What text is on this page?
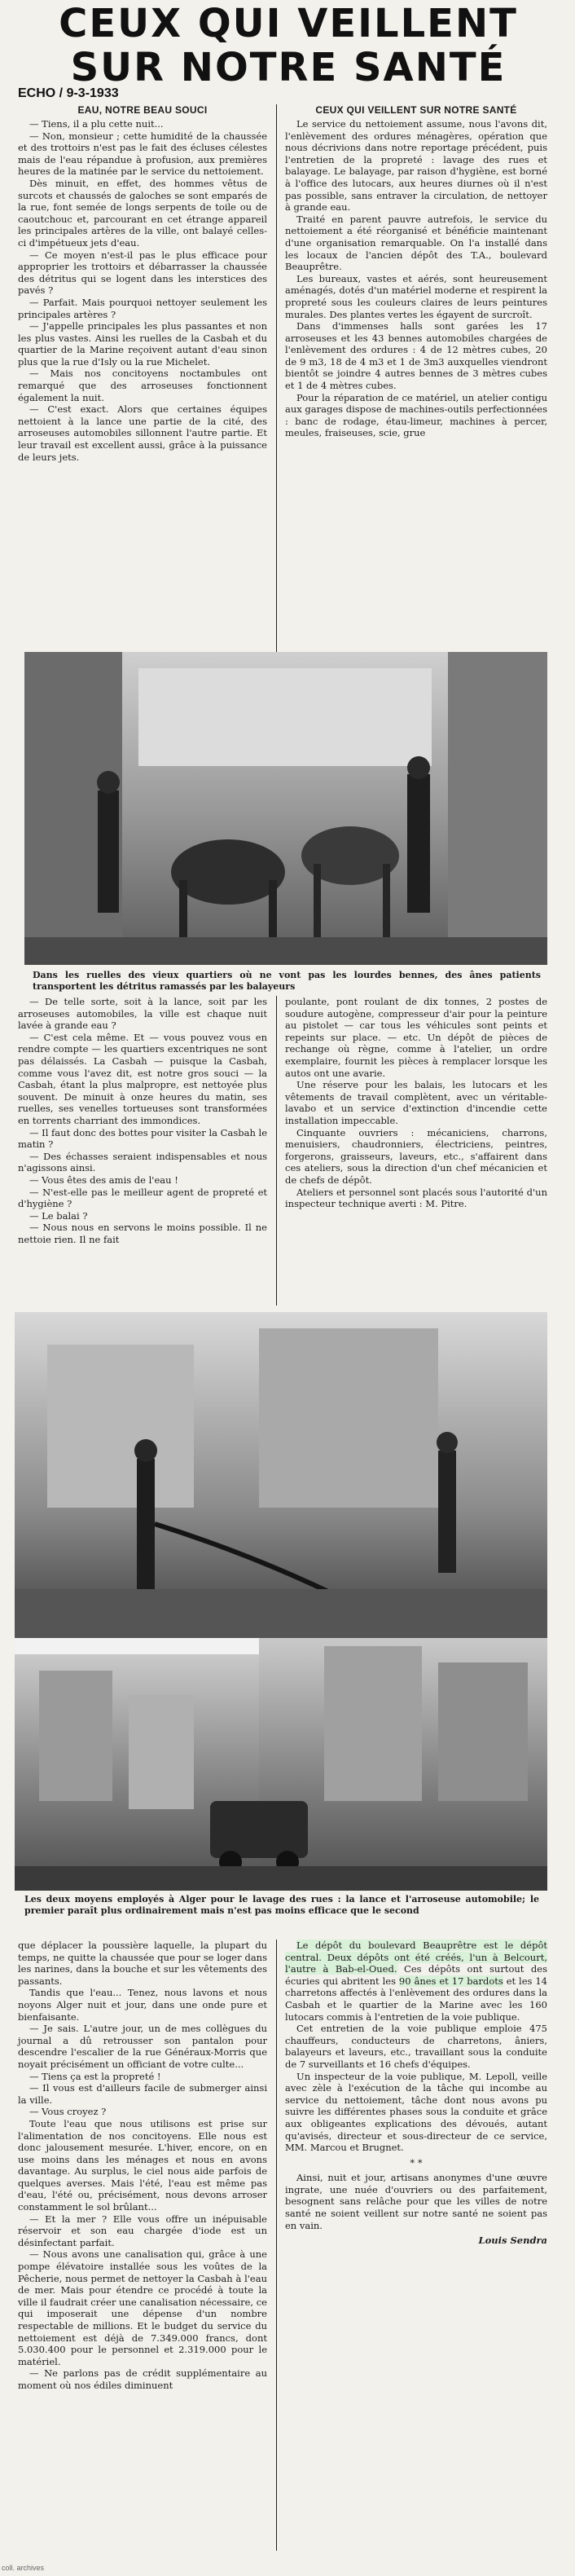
CEUX QUI VEILLENT
SUR NOTRE SANTÉ
ECHO / 9-3-1933
EAU, NOTRE BEAU SOUCI

— Tiens, il a plu cette nuit...

— Non, monsieur ; cette humidité de la chaussée et des trottoirs n'est pas le fait des écluses célestes mais de l'eau répandue à profusion, aux premières heures de la matinée par le service du nettoiement.

Dès minuit, en effet, des hommes vêtus de surcots et chaussés de galoches se sont emparés de la rue, font semée de longs serpents de toile ou de caoutchouc et, parcourant en cet étrange appareil les principales artères de la ville, ont balayé celles-ci d'impétueux jets d'eau.

— Ce moyen n'est-il pas le plus efficace pour approprier les trottoirs et débarrasser la chaussée des détritus qui se logent dans les interstices des pavés ?

— Parfait. Mais pourquoi nettoyer seulement les principales artères ?

— J'appelle principales les plus passantes et non les plus vastes. Ainsi les ruelles de la Casbah et du quartier de la Marine reçoivent autant d'eau sinon plus que la rue d'Isly ou la rue Michelet.

— Mais nos concitoyens noctambules ont remarqué que des arroseuses fonctionnent également la nuit.

— C'est exact. Alors que certaines équipes nettoient à la lance une partie de la cité, des arroseuses automobiles sillonnent l'autre partie. Et leur travail est excellent aussi, grâce à la puissance de leurs jets.

CEUX QUI VEILLENT SUR NOTRE SANTÉ

Le service du nettoiement assume, nous l'avons dit, l'enlèvement des ordures ménagères, opération que nous décrivions dans notre reportage précédent, puis l'entretien de la propreté : lavage des rues et balayage. Le balayage, par raison d'hygiène, est borné à l'office des lutocars, aux heures diurnes où il n'est pas possible, sans entraver la circulation, de nettoyer à grande eau.

Traité en parent pauvre autrefois, le service du nettoiement a été réorganisé et bénéficie maintenant d'une organisation remarquable. On l'a installé dans les locaux de l'ancien dépôt des T.A., boulevard Beauprêtre.

Les bureaux, vastes et aérés, sont heureusement aménagés, dotés d'un matériel moderne et respirent la propreté sous les couleurs claires de leurs peintures murales. Des plantes vertes les égayent de surcroît.

Dans d'immenses halls sont garées les 17 arroseuses et les 43 bennes automobiles chargées de l'enlèvement des ordures : 4 de 12 mètres cubes, 20 de 9 m3, 18 de 4 m3 et 1 de 3m3 auxquelles viendront bientôt se joindre 4 autres bennes de 3 mètres cubes et 1 de 4 mètres cubes.

Pour la réparation de ce matériel, un atelier contigu aux garages dispose de machines-outils perfectionnées : banc de rodage, étau-limeur, machines à percer, meules, fraiseuses, scie, grue

Dans les ruelles des vieux quartiers où ne vont pas les lourdes bennes, des ânes patients transportent les détritus ramassés par les balayeurs

— De telle sorte, soit à la lance, soit par les arroseuses automobiles, la ville est chaque nuit lavée à grande eau ?

— C'est cela même. Et — vous pouvez vous en rendre compte — les quartiers excentriques ne sont pas délaissés. La Casbah — puisque la Casbah, comme vous l'avez dit, est notre gros souci — la Casbah, étant la plus malpropre, est nettoyée plus souvent. De minuit à onze heures du matin, ses ruelles, ses venelles tortueuses sont transformées en torrents charriant des immondices.

— Il faut donc des bottes pour visiter la Casbah le matin ?

— Des échasses seraient indispensables et nous n'agissons ainsi.

— Vous êtes des amis de l'eau !

— N'est-elle pas le meilleur agent de propreté et d'hygiène ?

— Le balai ?

— Nous nous en servons le moins possible. Il ne nettoie rien. Il ne fait

poulante, pont roulant de dix tonnes, 2 postes de soudure autogène, compresseur d'air pour la peinture au pistolet — car tous les véhicules sont peints et repeints sur place. — etc. Un dépôt de pièces de rechange où règne, comme à l'atelier, un ordre exemplaire, fournit les pièces à remplacer lorsque les autos ont une avarie.

Une réserve pour les balais, les lutocars et les vêtements de travail complètent, avec un véritable-lavabo et un service d'extinction d'incendie cette installation impeccable.

Cinquante ouvriers : mécaniciens, charrons, menuisiers, chaudronniers, électriciens, peintres, forgerons, graisseurs, laveurs, etc., s'affairent dans ces ateliers, sous la direction d'un chef mécanicien et de chefs de dépôt.

Ateliers et personnel sont placés sous l'autorité d'un inspecteur technique averti : M. Pitre.

Les deux moyens employés à Alger pour le lavage des rues : la lance et l'arroseuse automobile; le premier paraît plus ordinairement mais n'est pas moins efficace que le second

que déplacer la poussière laquelle, la plupart du temps, ne quitte la chaussée que pour se loger dans les narines, dans la bouche et sur les vêtements des passants.

Tandis que l'eau... Tenez, nous lavons et nous noyons Alger nuit et jour, dans une onde pure et bienfaisante.

— Je sais. L'autre jour, un de mes collègues du journal a dû retrousser son pantalon pour descendre l'escalier de la rue Généraux-Morris que noyait précisément un officiant de votre culte...

— Tiens ça est la propreté !

— Il vous est d'ailleurs facile de submerger ainsi la ville.

— Vous croyez ?

Toute l'eau que nous utilisons est prise sur l'alimentation de nos concitoyens. Elle nous est donc jalousement mesurée. L'hiver, encore, on en use moins dans les ménages et nous en avons davantage. Au surplus, le ciel nous aide parfois de quelques averses. Mais l'été, l'eau est même pas d'eau, l'été ou, précisément, nous devons arroser constamment le sol brûlant...

— Et la mer ? Elle vous offre un inépuisable réservoir et son eau chargée d'iode est un désinfectant parfait.

— Nous avons une canalisation qui, grâce à une pompe élévatoire installée sous les voûtes de la Pêcherie, nous permet de nettoyer la Casbah à l'eau de mer. Mais pour étendre ce procédé à toute la ville il faudrait créer une canalisation nécessaire, ce qui imposerait une dépense d'un nombre respectable de millions. Et le budget du service du nettoiement est déjà de 7.349.000 francs, dont 5.030.400 pour le personnel et 2.319.000 pour le matériel.

— Ne parlons pas de crédit supplémentaire au moment où nos édiles diminuent

Le dépôt du boulevard Beauprêtre est le dépôt central. Deux dépôts ont été créés, l'un à Belcourt, l'autre à Bab-el-Oued. Ces dépôts ont surtout des écuries qui abritent les 90 ânes et 17 bardots et les 14 charretons affectés à l'enlèvement des ordures dans la Casbah et le quartier de la Marine avec les 160 lutocars commis à l'entretien de la voie publique.

Cet entretien de la voie publique emploie 475 chauffeurs, conducteurs de charretons, âniers, balayeurs et laveurs, etc., travaillant sous la conduite de 7 surveillants et 16 chefs d'équipes.

Un inspecteur de la voie publique, M. Lepoll, veille avec zèle à l'exécution de la tâche qui incombe au service du nettoiement, tâche dont nous avons pu suivre les différentes phases sous la conduite et grâce aux obligeantes explications des dévoués, autant qu'avisés, directeur et sous-directeur de ce service, MM. Marcou et Brugnet.

* *

Ainsi, nuit et jour, artisans anonymes d'une œuvre ingrate, une nuée d'ouvriers ou des parfaitement, besognent sans relâche pour que les villes de notre santé ne soient veillent sur notre santé ne soient pas en vain.

Louis Sendra
coll. archives
